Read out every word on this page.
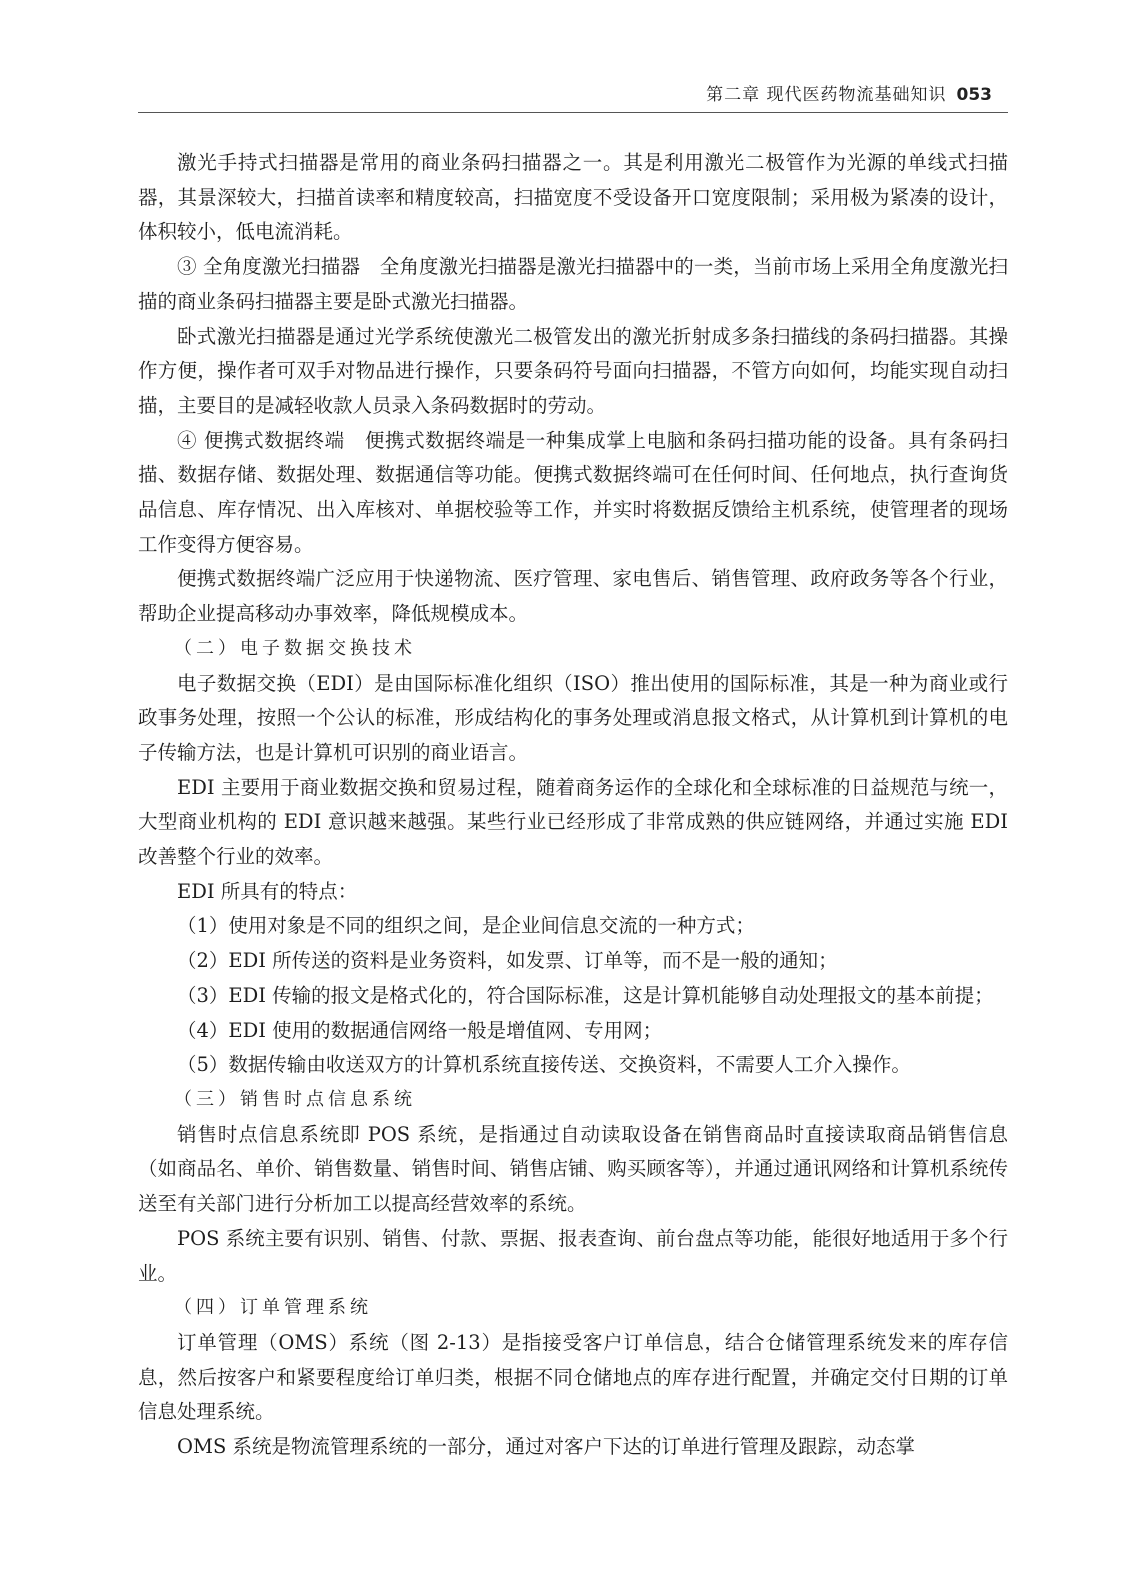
第二章 现代医药物流基础知识 053

激光手持式扫描器是常用的商业条码扫描器之一。其是利用激光二极管作为光源的单线式扫描器，其景深较大，扫描首读率和精度较高，扫描宽度不受设备开口宽度限制；采用极为紧凑的设计，体积较小，低电流消耗。

③ 全角度激光扫描器　全角度激光扫描器是激光扫描器中的一类，当前市场上采用全角度激光扫描的商业条码扫描器主要是卧式激光扫描器。

卧式激光扫描器是通过光学系统使激光二极管发出的激光折射成多条扫描线的条码扫描器。其操作方便，操作者可双手对物品进行操作，只要条码符号面向扫描器，不管方向如何，均能实现自动扫描，主要目的是减轻收款人员录入条码数据时的劳动。

④ 便携式数据终端　便携式数据终端是一种集成掌上电脑和条码扫描功能的设备。具有条码扫描、数据存储、数据处理、数据通信等功能。便携式数据终端可在任何时间、任何地点，执行查询货品信息、库存情况、出入库核对、单据校验等工作，并实时将数据反馈给主机系统，使管理者的现场工作变得方便容易。

便携式数据终端广泛应用于快递物流、医疗管理、家电售后、销售管理、政府政务等各个行业，帮助企业提高移动办事效率，降低规模成本。

（二）电子数据交换技术

电子数据交换（EDI）是由国际标准化组织（ISO）推出使用的国际标准，其是一种为商业或行政事务处理，按照一个公认的标准，形成结构化的事务处理或消息报文格式，从计算机到计算机的电子传输方法，也是计算机可识别的商业语言。

EDI 主要用于商业数据交换和贸易过程，随着商务运作的全球化和全球标准的日益规范与统一，大型商业机构的 EDI 意识越来越强。某些行业已经形成了非常成熟的供应链网络，并通过实施 EDI 改善整个行业的效率。

EDI 所具有的特点：

（1）使用对象是不同的组织之间，是企业间信息交流的一种方式；

（2）EDI 所传送的资料是业务资料，如发票、订单等，而不是一般的通知；

（3）EDI 传输的报文是格式化的，符合国际标准，这是计算机能够自动处理报文的基本前提；

（4）EDI 使用的数据通信网络一般是增值网、专用网；

（5）数据传输由收送双方的计算机系统直接传送、交换资料，不需要人工介入操作。

（三）销售时点信息系统

销售时点信息系统即 POS 系统，是指通过自动读取设备在销售商品时直接读取商品销售信息（如商品名、单价、销售数量、销售时间、销售店铺、购买顾客等），并通过通讯网络和计算机系统传送至有关部门进行分析加工以提高经营效率的系统。

POS 系统主要有识别、销售、付款、票据、报表查询、前台盘点等功能，能很好地适用于多个行业。

（四）订单管理系统

订单管理（OMS）系统（图 2-13）是指接受客户订单信息，结合仓储管理系统发来的库存信息，然后按客户和紧要程度给订单归类，根据不同仓储地点的库存进行配置，并确定交付日期的订单信息处理系统。

OMS 系统是物流管理系统的一部分，通过对客户下达的订单进行管理及跟踪，动态掌
